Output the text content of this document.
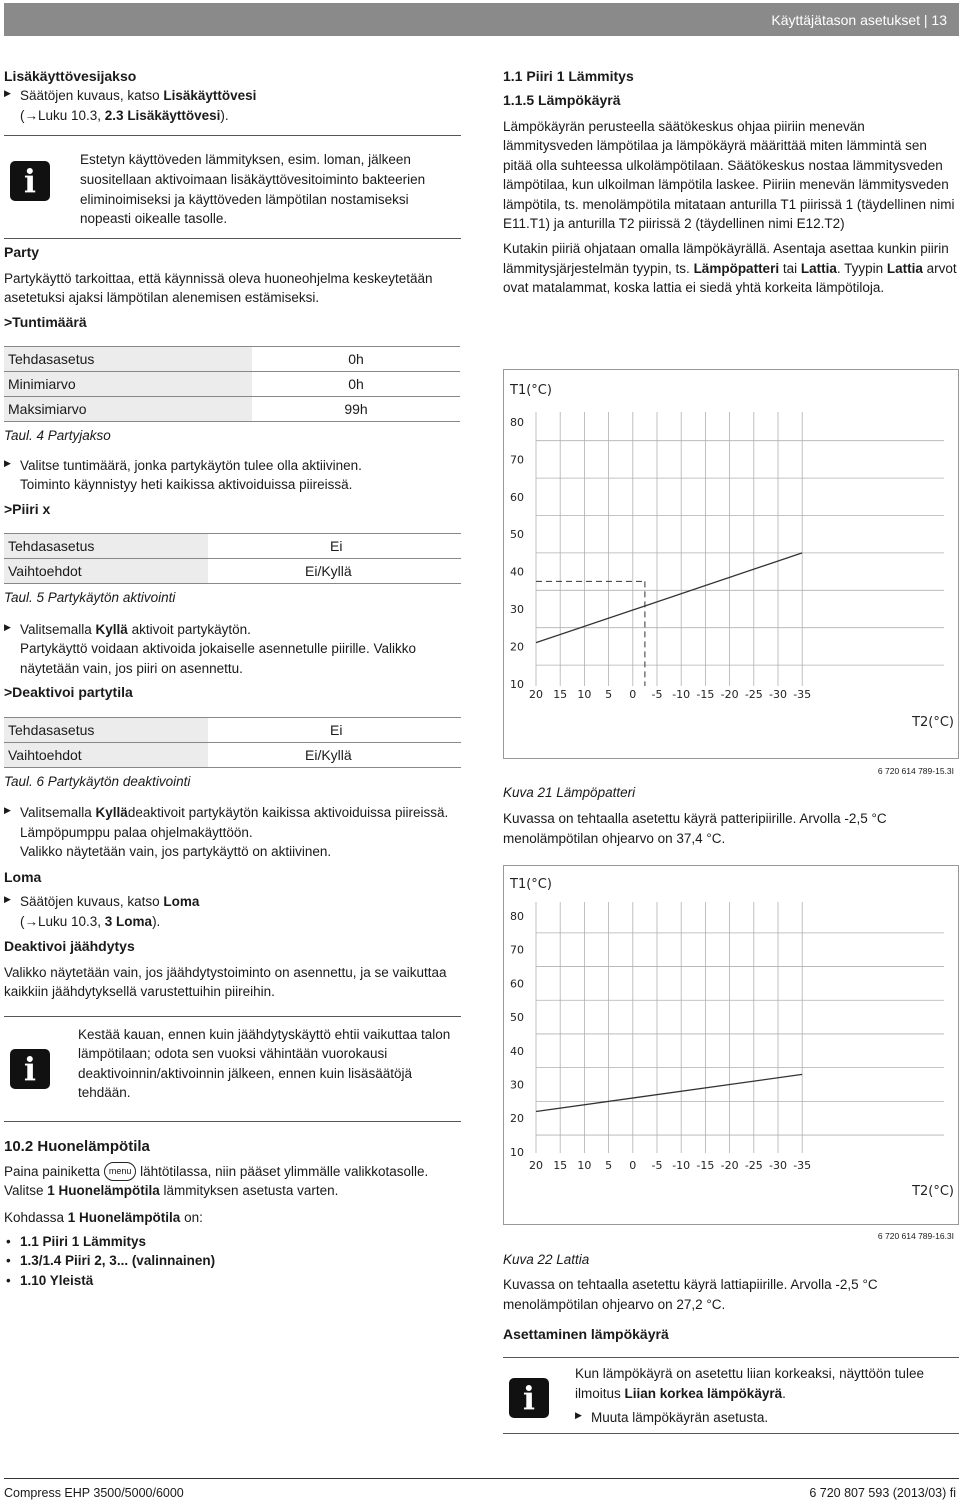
Käyttäjätason asetukset | 13
Lisäkäyttövesijakso

▶ Säätöjen kuvaus, katso Lisäkäyttövesi

(→Luku 10.3, 2.3 Lisäkäyttövesi).

i

Estetyn käyttöveden lämmityksen, esim. loman, jälkeen suositellaan aktivoimaan lisäkäyttövesitoiminto bakteerien eliminoimiseksi ja käyttöveden lämpötilan nostamiseksi nopeasti oikealle tasolle.

Party

Partykäyttö tarkoittaa, että käynnissä oleva huoneohjelma keskeytetään asetetuksi ajaksi lämpötilan alenemisen estämiseksi.

>Tuntimäärä
Tehdasasetus	0h
Minimiarvo	0h
Maksimiarvo	99h

Taul. 4 Partyjakso

▶ Valitse tuntimäärä, jonka partykäytön tulee olla aktiivinen.

Toiminto käynnistyy heti kaikissa aktivoiduissa piireissä.

>Piiri x
Tehdasasetus	Ei
Vaihtoehdot	Ei/Kyllä

Taul. 5 Partykäytön aktivointi

▶ Valitsemalla Kyllä aktivoit partykäytön.

Partykäyttö voidaan aktivoida jokaiselle asennetulle piirille. Valikko näytetään vain, jos piiri on asennettu.

>Deaktivoi partytila
Tehdasasetus	Ei
Vaihtoehdot	Ei/Kyllä

Taul. 6 Partykäytön deaktivointi

▶ Valitsemalla Kyllädeaktivoit partykäytön kaikissa aktivoiduissa piireissä.

Lämpöpumppu palaa ohjelmakäyttöön.

Valikko näytetään vain, jos partykäyttö on aktiivinen.

Loma

▶ Säätöjen kuvaus, katso Loma

(→Luku 10.3, 3 Loma).

Deaktivoi jäähdytys

Valikko näytetään vain, jos jäähdytystoiminto on asennettu, ja se vaikuttaa kaikkiin jäähdytyksellä varustettuihin piireihin.

i

Kestää kauan, ennen kuin jäähdytyskäyttö ehtii vaikuttaa talon lämpötilaan; odota sen vuoksi vähintään vuorokausi deaktivoinnin/aktivoinnin jälkeen, ennen kuin lisäsäätöjä tehdään.

10.2 Huonelämpötila

Paina painiketta menu lähtötilassa, niin pääset ylimmälle valikkotasolle.

Valitse 1 Huonelämpötila lämmityksen asetusta varten.

Kohdassa 1 Huonelämpötila on:

• 1.1 Piiri 1 Lämmitys
• 1.3/1.4 Piiri 2, 3... (valinnainen)
• 1.10 Yleistä
1.1 Piiri 1 Lämmitys
1.1.5 Lämpökäyrä

Lämpökäyrän perusteella säätökeskus ohjaa piiriin menevän lämmitysveden lämpötilaa ja lämpökäyrä määrittää miten lämmintä sen pitää olla suhteessa ulkolämpötilaan. Säätökeskus nostaa lämmitysveden lämpötilaa, kun ulkoilman lämpötila laskee. Piiriin menevän lämmitysveden lämpötila, ts. menolämpötila mitataan anturilla T1 piirissä 1 (täydellinen nimi E11.T1) ja anturilla T2 piirissä 2 (täydellinen nimi E12.T2)

Kutakin piiriä ohjataan omalla lämpökäyrällä. Asentaja asettaa kunkin piirin lämmitysjärjestelmän tyypin, ts. Lämpöpatteri tai Lattia. Tyypin Lattia arvot ovat matalammat, koska lattia ei siedä yhtä korkeita lämpötiloja.

80
70
60
50
40
30
20
10
20 15 10 5 0 -5 -10 -15 -20 -25 -30 -35
T1(°C)
T2(°C)
6 720 614 789-15.3I

Kuva 21 Lämpöpatteri

Kuvassa on tehtaalla asetettu käyrä patteripiirille. Arvolla -2,5 °C menolämpötilan ohjearvo on 37,4 °C.

80
70
60
50
40
30
20
10
20 15 10 5 0 -5 -10 -15 -20 -25 -30 -35
T1(°C)
T2(°C)
6 720 614 789-16.3I

Kuva 22 Lattia

Kuvassa on tehtaalla asetettu käyrä lattiapiirille. Arvolla -2,5 °C menolämpötilan ohjearvo on 27,2 °C.

Asettaminen lämpökäyrä
i

Kun lämpökäyrä on asetettu liian korkeaksi, näyttöön tulee ilmoitus Liian korkea lämpökäyrä.

▶ Muuta lämpökäyrän asetusta.

Compress EHP 3500/5000/6000	6 720 807 593 (2013/03) fi
